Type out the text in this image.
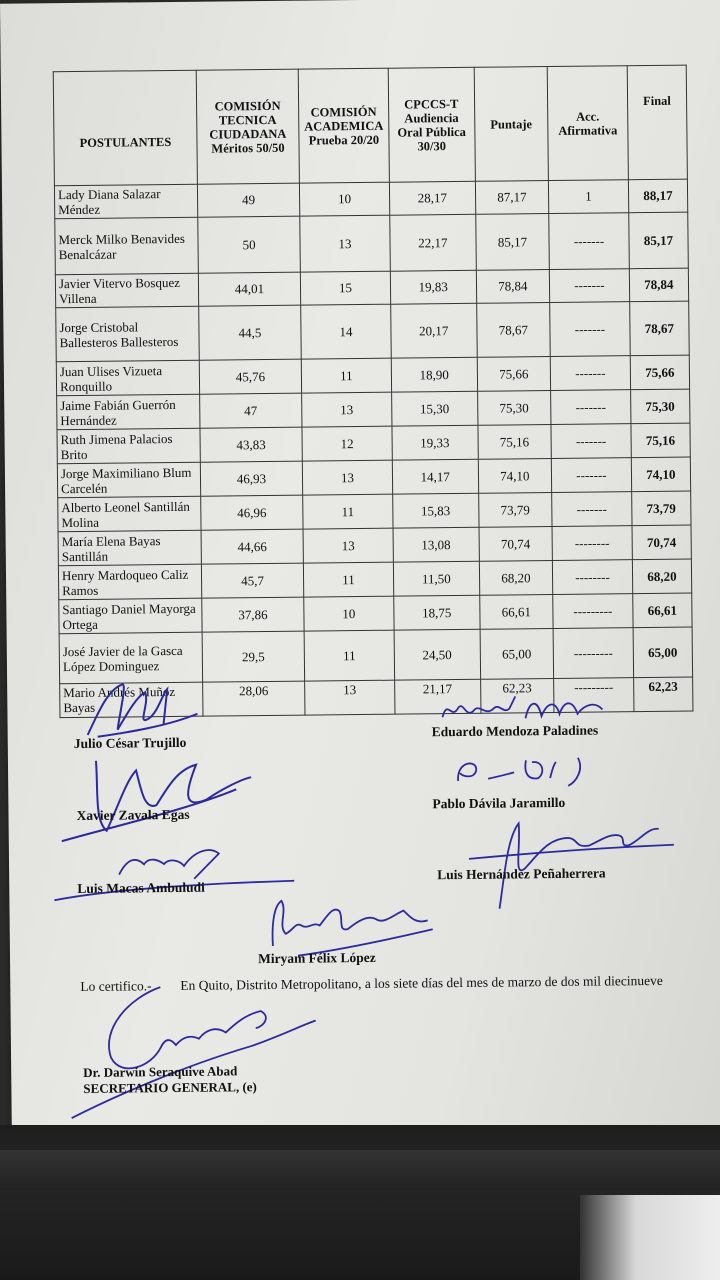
POSTULANTES	COMISIÓN TECNICA CIUDADANA Méritos 50/50	COMISIÓN ACADEMICA Prueba 20/20	CPCCS-T Audiencia Oral Pública 30/30	Puntaje	Acc. Afirmativa	Final
Lady Diana Salazar Méndez	49	10	28,17	87,17	1	88,17
Merck Milko Benavides Benalcázar	50	13	22,17	85,17	-------	85,17
Javier Vitervo Bosquez Villena	44,01	15	19,83	78,84	-------	78,84
Jorge Cristobal Ballesteros Ballesteros	44,5	14	20,17	78,67	-------	78,67
Juan Ulises Vizueta Ronquillo	45,76	11	18,90	75,66	-------	75,66
Jaime Fabián Guerrón Hernández	47	13	15,30	75,30	-------	75,30
Ruth Jimena Palacios Brito	43,83	12	19,33	75,16	-------	75,16
Jorge Maximiliano Blum Carcelén	46,93	13	14,17	74,10	-------	74,10
Alberto Leonel Santillán Molina	46,96	11	15,83	73,79	-------	73,79
María Elena Bayas Santillán	44,66	13	13,08	70,74	--------	70,74
Henry Mardoqueo Caliz Ramos	45,7	11	11,50	68,20	--------	68,20
Santiago Daniel Mayorga Ortega	37,86	10	18,75	66,61	---------	66,61
José Javier de la Gasca López Dominguez	29,5	11	24,50	65,00	---------	65,00
Mario Andrés Muñoz Bayas	28,06	13	21,17	62,23	---------	62,23
Julio César Trujillo
Eduardo Mendoza Paladines
Xavier Zavala Egas
Pablo Dávila Jaramillo
Luis Macas Ambuludi
Luis Hernández Peñaherrera
Miryam Félix López
Lo certifico.- En Quito, Distrito Metropolitano, a los siete días del mes de marzo de dos mil diecinueve
Dr. Darwin Seraquive Abad
SECRETARIO GENERAL, (e)
